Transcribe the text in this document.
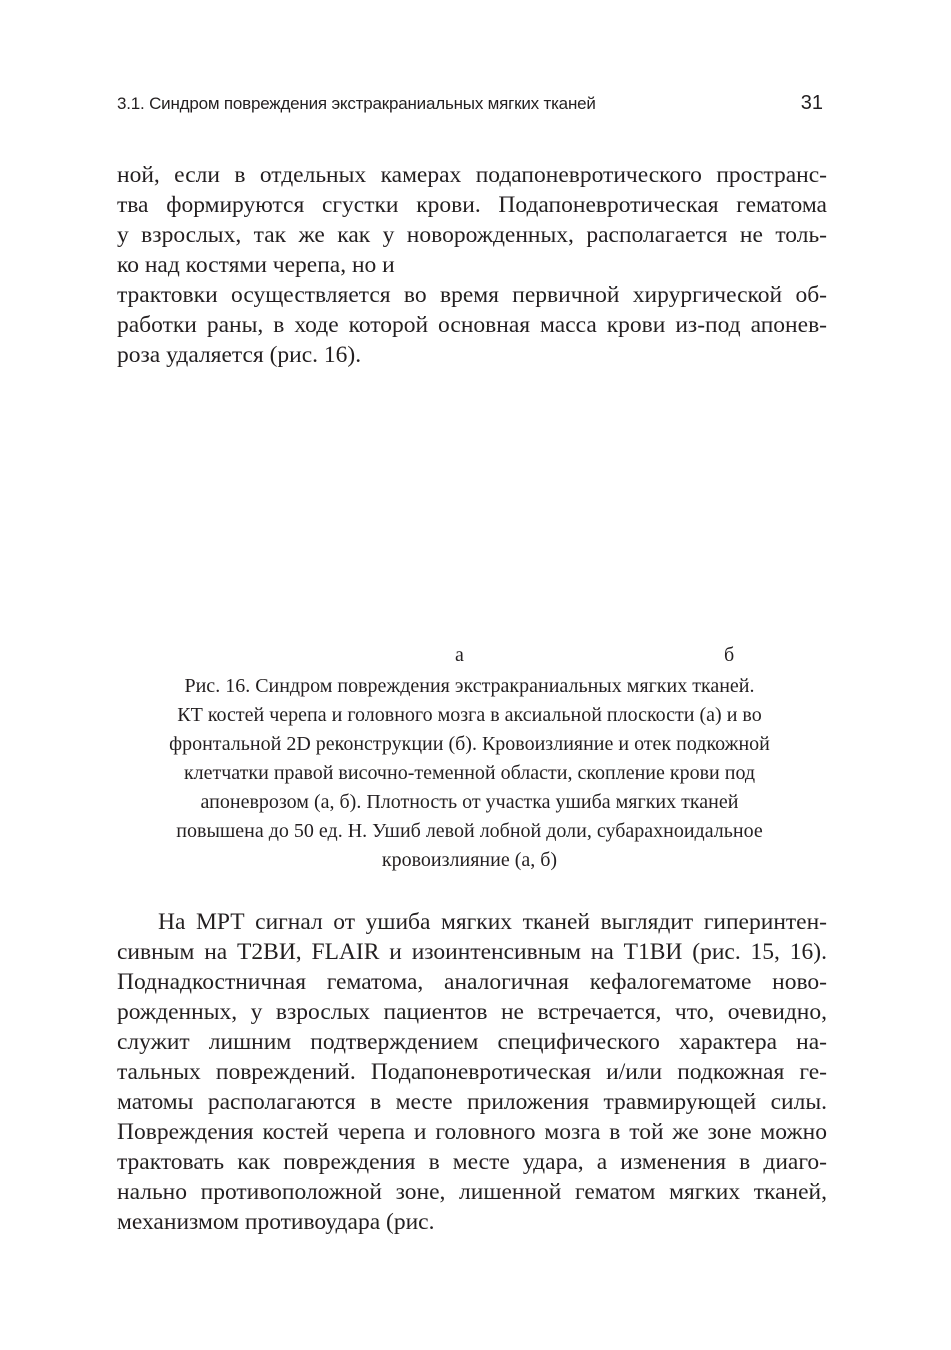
3.1. Синдром повреждения экстракраниальных мягких тканей	31
ной, если в отдельных камерах подапоневротического пространс-
тва формируются сгустки крови. Подапоневротическая гематома
у взрослых, так же как у новорожденных, располагается не толь-
ко над костями черепа, но и
трактовки осуществляется во время первичной хирургической об-
работки раны, в ходе которой основная масса крови из-под апонев-
роза удаляется (рис. 16).
а	б
Рис. 16. Синдром повреждения экстракраниальных мягких тканей.
КТ костей черепа и головного мозга в аксиальной плоскости (а) и во
фронтальной 2D реконструкции (б). Кровоизлияние и отек подкожной
клетчатки правой височно-теменной области, скопление крови под
апоневрозом (а, б). Плотность от участка ушиба мягких тканей
повышена до 50 ед. Н. Ушиб левой лобной доли, субарахноидальное
кровоизлияние (а, б)
На МРТ сигнал от ушиба мягких тканей выглядит гиперинтен-
сивным на T2ВИ, FLAIR и изоинтенсивным на T1ВИ (рис. 15, 16).
Поднадкостничная гематома, аналогичная кефалогематоме ново-
рожденных, у взрослых пациентов не встречается, что, очевидно,
служит лишним подтверждением специфического характера на-
тальных повреждений. Подапоневротическая и/или подкожная ге-
матомы располагаются в месте приложения травмирующей силы.
Повреждения костей черепа и головного мозга в той же зоне можно
трактовать как повреждения в месте удара, а изменения в диаго-
нально противоположной зоне, лишенной гематом мягких тканей,
механизмом противоудара (рис.
